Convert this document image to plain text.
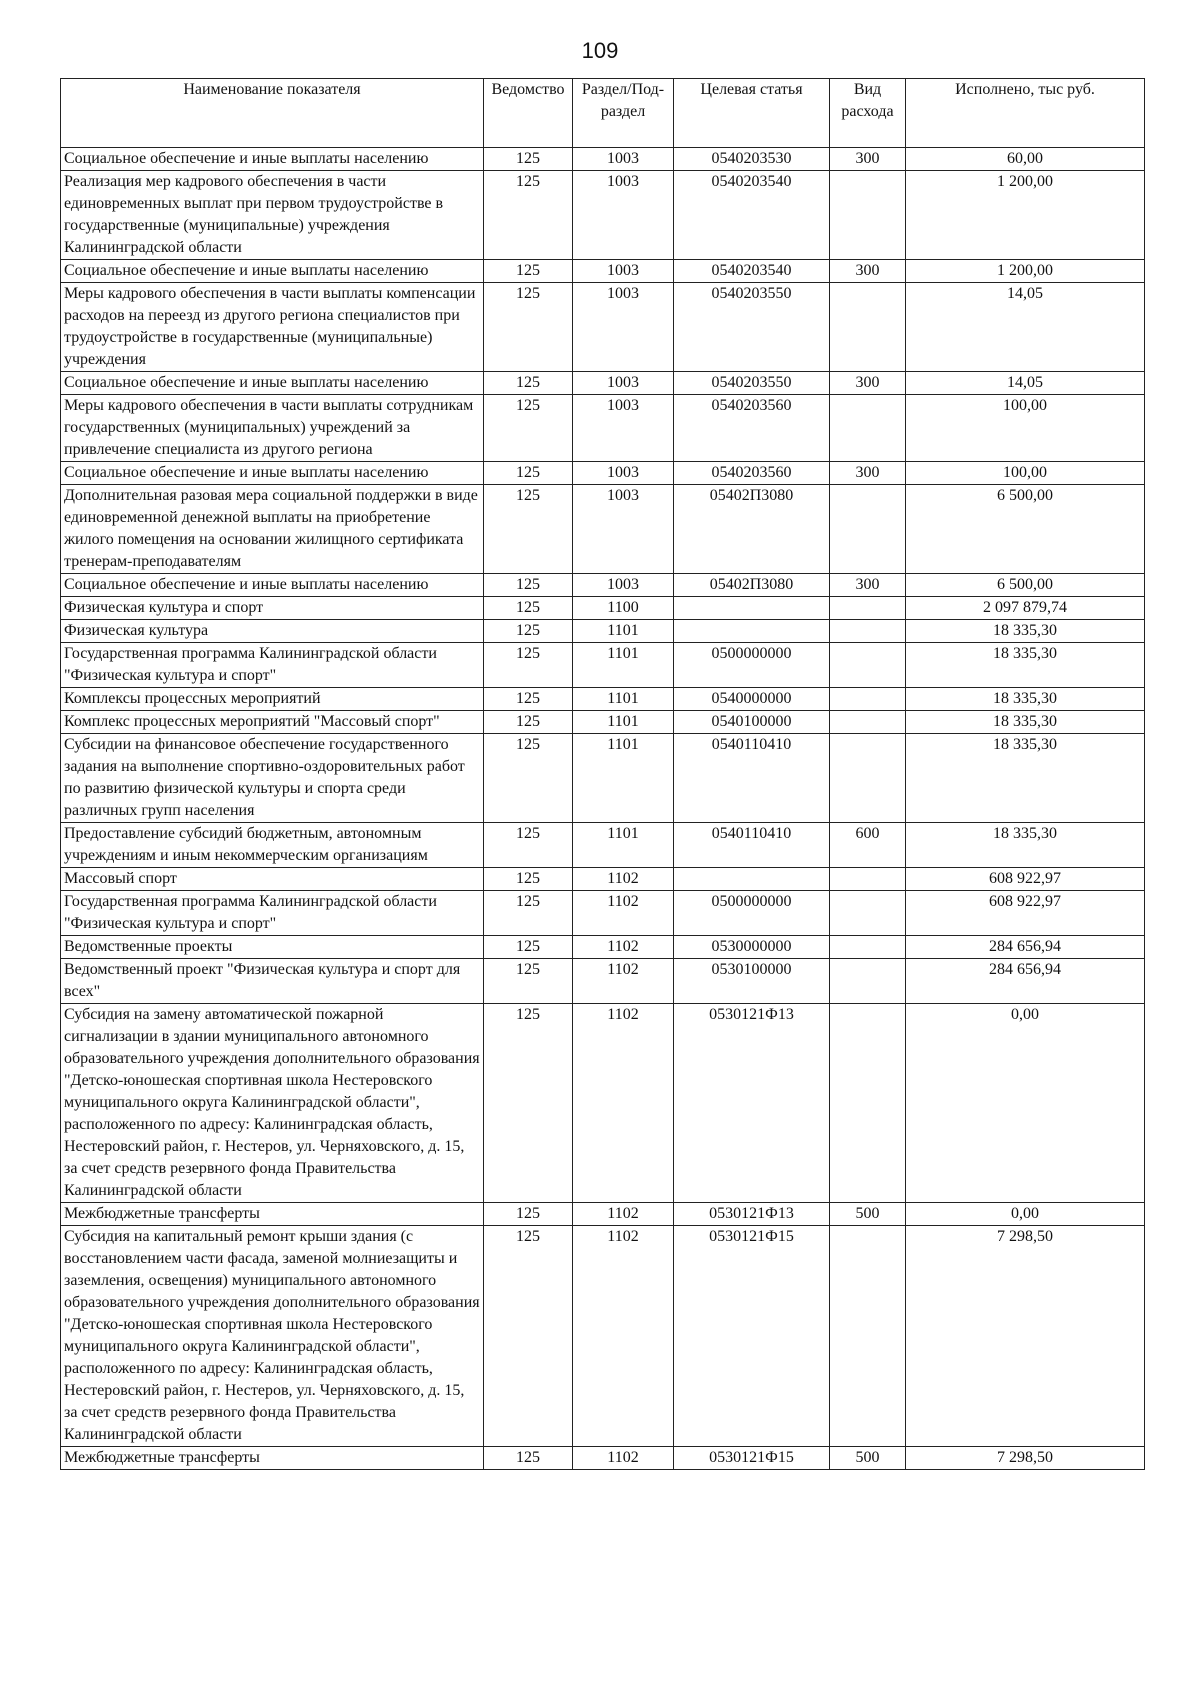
109
Наименование показателя	Ведомство	Раздел/Под-раздел	Целевая статья	Вид расхода	Исполнено, тыс руб.
Социальное обеспечение и иные выплаты населению	125	1003	0540203530	300	60,00
Реализация мер кадрового обеспечения в части единовременных выплат при первом трудоустройстве в государственные (муниципальные) учреждения Калининградской области	125	1003	0540203540		1 200,00
Социальное обеспечение и иные выплаты населению	125	1003	0540203540	300	1 200,00
Меры кадрового обеспечения в части выплаты компенсации расходов на переезд из другого региона специалистов при трудоустройстве в государственные (муниципальные) учреждения	125	1003	0540203550		14,05
Социальное обеспечение и иные выплаты населению	125	1003	0540203550	300	14,05
Меры кадрового обеспечения в части выплаты сотрудникам государственных (муниципальных) учреждений за привлечение специалиста из другого региона	125	1003	0540203560		100,00
Социальное обеспечение и иные выплаты населению	125	1003	0540203560	300	100,00
Дополнительная разовая мера социальной поддержки в виде единовременной денежной выплаты на приобретение жилого помещения на основании жилищного сертификата тренерам-преподавателям	125	1003	05402П3080		6 500,00
Социальное обеспечение и иные выплаты населению	125	1003	05402П3080	300	6 500,00
Физическая культура и спорт	125	1100			2 097 879,74
Физическая культура	125	1101			18 335,30
Государственная программа Калининградской области "Физическая культура и спорт"	125	1101	0500000000		18 335,30
Комплексы процессных мероприятий	125	1101	0540000000		18 335,30
Комплекс процессных мероприятий "Массовый спорт"	125	1101	0540100000		18 335,30
Субсидии на финансовое обеспечение государственного задания на выполнение спортивно-оздоровительных работ по развитию физической культуры и спорта среди различных групп населения	125	1101	0540110410		18 335,30
Предоставление субсидий бюджетным, автономным учреждениям и иным некоммерческим организациям	125	1101	0540110410	600	18 335,30
Массовый спорт	125	1102			608 922,97
Государственная программа Калининградской области "Физическая культура и спорт"	125	1102	0500000000		608 922,97
Ведомственные проекты	125	1102	0530000000		284 656,94
Ведомственный проект "Физическая культура и спорт для всех"	125	1102	0530100000		284 656,94
Субсидия на замену автоматической пожарной сигнализации в здании муниципального автономного образовательного учреждения дополнительного образования "Детско-юношеская спортивная школа Нестеровского муниципального округа Калининградской области", расположенного по адресу: Калининградская область, Нестеровский район, г. Нестеров, ул. Черняховского, д. 15, за счет средств резервного фонда Правительства Калининградской области	125	1102	0530121Ф13		0,00
Межбюджетные трансферты	125	1102	0530121Ф13	500	0,00
Субсидия на капитальный ремонт крыши здания (с восстановлением части фасада, заменой молниезащиты и заземления, освещения) муниципального автономного образовательного учреждения дополнительного образования "Детско-юношеская спортивная школа Нестеровского муниципального округа Калининградской области", расположенного по адресу: Калининградская область, Нестеровский район, г. Нестеров, ул. Черняховского, д. 15, за счет средств резервного фонда Правительства Калининградской области	125	1102	0530121Ф15		7 298,50
Межбюджетные трансферты	125	1102	0530121Ф15	500	7 298,50
